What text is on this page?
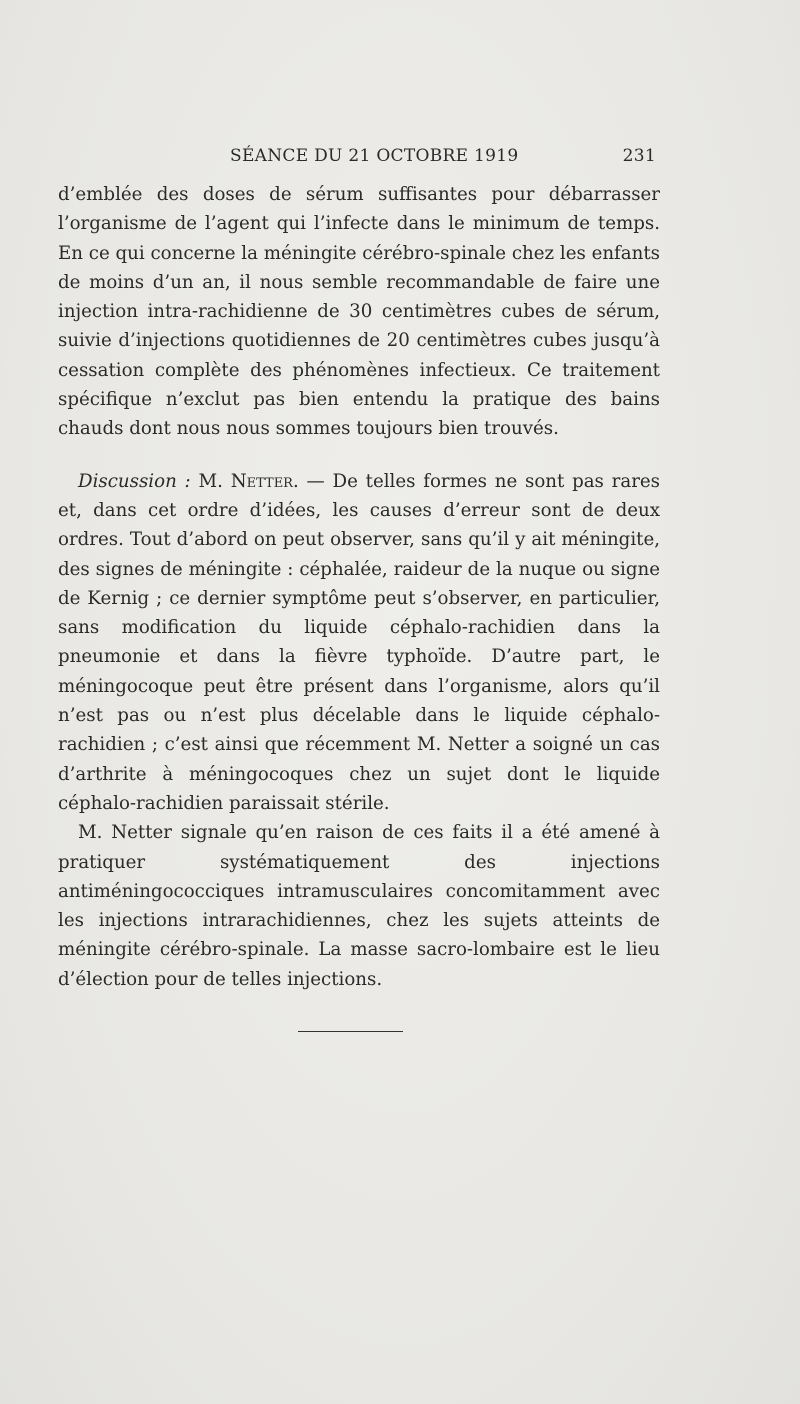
SÉANCE DU 21 OCTOBRE 1919	231

d’emblée des doses de sérum suffisantes pour débarrasser l’organisme de l’agent qui l’infecte dans le minimum de temps. En ce qui concerne la méningite cérébro-spinale chez les enfants de moins d’un an, il nous semble recommandable de faire une injection intra-rachidienne de 30 centimètres cubes de sérum, suivie d’injections quotidiennes de 20 centimètres cubes jusqu’à cessation complète des phénomènes infectieux. Ce traitement spécifique n’exclut pas bien entendu la pratique des bains chauds dont nous nous sommes toujours bien trouvés.

Discussion : M. Netter. — De telles formes ne sont pas rares et, dans cet ordre d’idées, les causes d’erreur sont de deux ordres. Tout d’abord on peut observer, sans qu’il y ait méningite, des signes de méningite : céphalée, raideur de la nuque ou signe de Kernig ; ce dernier symptôme peut s’observer, en particulier, sans modification du liquide céphalo-rachidien dans la pneumonie et dans la fièvre typhoïde. D’autre part, le méningocoque peut être présent dans l’organisme, alors qu’il n’est pas ou n’est plus décelable dans le liquide céphalo-rachidien ; c’est ainsi que récemment M. Netter a soigné un cas d’arthrite à méningocoques chez un sujet dont le liquide céphalo-rachidien paraissait stérile.

M. Netter signale qu’en raison de ces faits il a été amené à pratiquer systématiquement des injections antiméningococciques intramusculaires concomitamment avec les injections intrarachidiennes, chez les sujets atteints de méningite cérébro-spinale. La masse sacro-lombaire est le lieu d’élection pour de telles injections.
